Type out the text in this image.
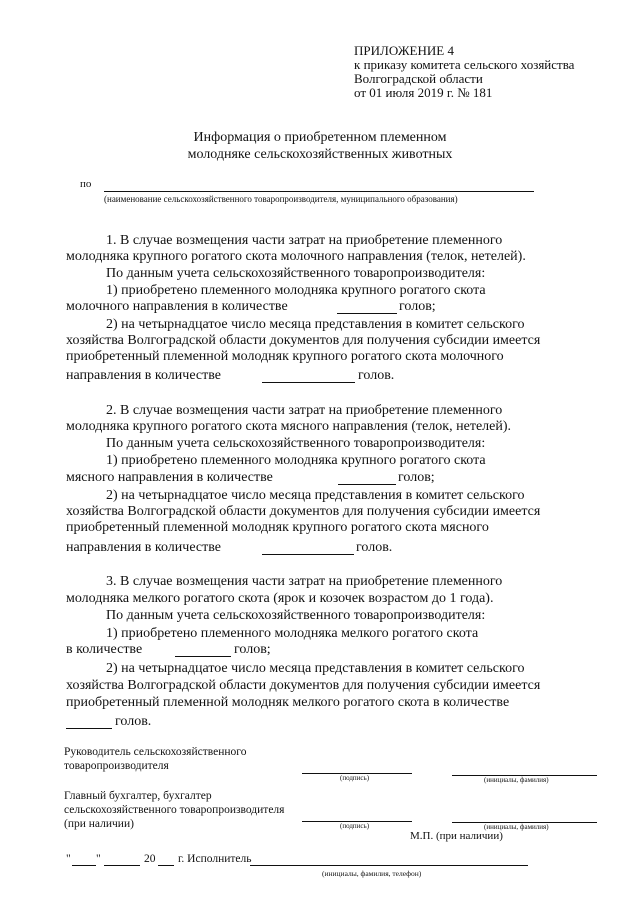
ПРИЛОЖЕНИЕ 4
к приказу комитета сельского хозяйства
Волгоградской области
от 01 июля 2019 г. № 181
Информация о приобретенном племенном
молодняке сельскохозяйственных животных
по
(наименование сельскохозяйственного товаропроизводителя, муниципального образования)
1. В случае возмещения части затрат на приобретение племенного
молодняка крупного рогатого скота молочного направления (телок, нетелей).
По данным учета сельскохозяйственного товаропроизводителя:
1) приобретено племенного молодняка крупного рогатого скота
молочного направления в количестве	голов;
2) на четырнадцатое число месяца представления в комитет сельского
хозяйства Волгоградской области документов для получения субсидии имеется
приобретенный племенной молодняк крупного рогатого скота молочного
направления в количестве	голов.
2. В случае возмещения части затрат на приобретение племенного
молодняка крупного рогатого скота мясного направления (телок, нетелей).
По данным учета сельскохозяйственного товаропроизводителя:
1) приобретено племенного молодняка крупного рогатого скота
мясного направления в количестве	голов;
2) на четырнадцатое число месяца представления в комитет сельского
хозяйства Волгоградской области документов для получения субсидии имеется
приобретенный племенной молодняк крупного рогатого скота мясного
направления в количестве	голов.
3. В случае возмещения части затрат на приобретение племенного
молодняка мелкого рогатого скота (ярок и козочек возрастом до 1 года).
По данным учета сельскохозяйственного товаропроизводителя:
1) приобретено племенного молодняка мелкого рогатого скота
в количестве	голов;
2) на четырнадцатое число месяца представления в комитет сельского
хозяйства Волгоградской области документов для получения субсидии имеется
приобретенный племенной молодняк мелкого рогатого скота в количестве
голов.
Руководитель сельскохозяйственного
товаропроизводителя
(подпись)	(инициалы, фамилия)
Главный бухгалтер, бухгалтер
сельскохозяйственного товаропроизводителя
(при наличии)	(подпись)	(инициалы, фамилия)
М.П. (при наличии)
" "	20 г. Исполнитель
(инициалы, фамилия, телефон)
